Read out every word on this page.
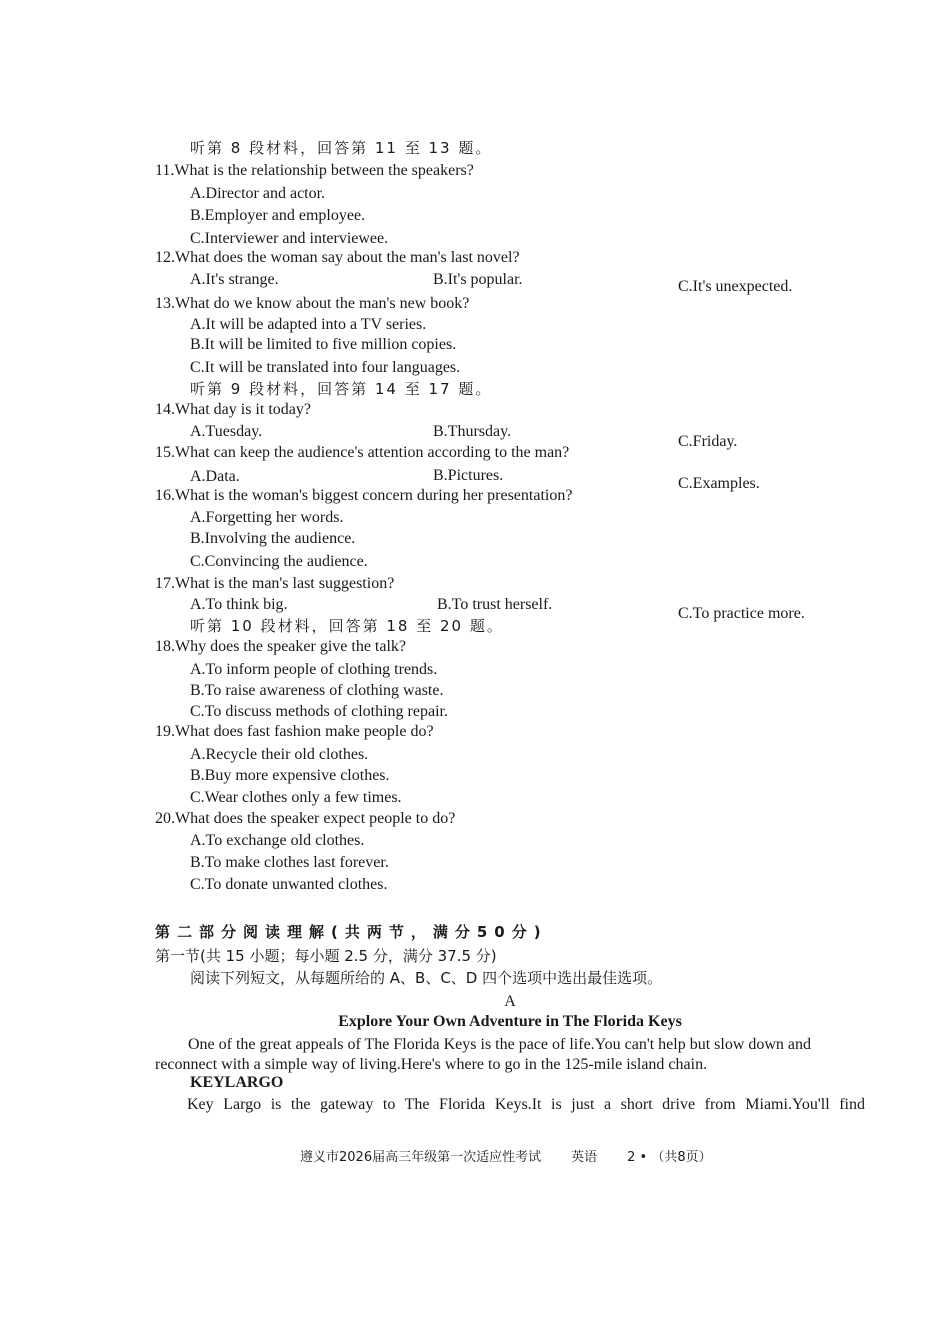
听第 8 段材料，回答第 11 至 13 题。
11.What is the relationship between the speakers?
A.Director and actor.
B.Employer and employee.
C.Interviewer and interviewee.
12.What does the woman say about the man's last novel?
A.It's strange.	B.It's popular.	C.It's unexpected.
13.What do we know about the man's new book?
A.It will be adapted into a TV series.
B.It will be limited to five million copies.
C.It will be translated into four languages.
听第 9 段材料，回答第 14 至 17 题。
14.What day is it today?
A.Tuesday.	B.Thursday.
C.Friday.
15.What can keep the audience's attention according to the man?
A.Data.	B.Pictures.	C.Examples.
16.What is the woman's biggest concern during her presentation?
A.Forgetting her words.
B.Involving the audience.
C.Convincing the audience.
17.What is the man's last suggestion?
A.To think big.	B.To trust herself.
C.To practice more.
听第 10 段材料，回答第 18 至 20 题。
18.Why does the speaker give the talk?
A.To inform people of clothing trends.
B.To raise awareness of clothing waste.
C.To discuss methods of clothing repair.
19.What does fast fashion make people do?
A.Recycle their old clothes.
B.Buy more expensive clothes.
C.Wear clothes only a few times.
20.What does the speaker expect people to do?
A.To exchange old clothes.
B.To make clothes last forever.
C.To donate unwanted clothes.
第二部分阅读理解(共两节，满分50分)
第一节(共 15 小题；每小题 2.5 分，满分 37.5 分)
阅读下列短文，从每题所给的 A、B、C、D 四个选项中选出最佳选项。
A
Explore Your Own Adventure in The Florida Keys
One of the great appeals of The Florida Keys is the pace of life.You can't help but slow down and reconnect with a simple way of living.Here's where to go in the 125-mile island chain.
KEYLARGO
Key Largo is the gateway to The Florida Keys.It is just a short drive from Miami.You'll find
遵义市2026届高三年级第一次适应性考试 英语 2 • （共8页）
